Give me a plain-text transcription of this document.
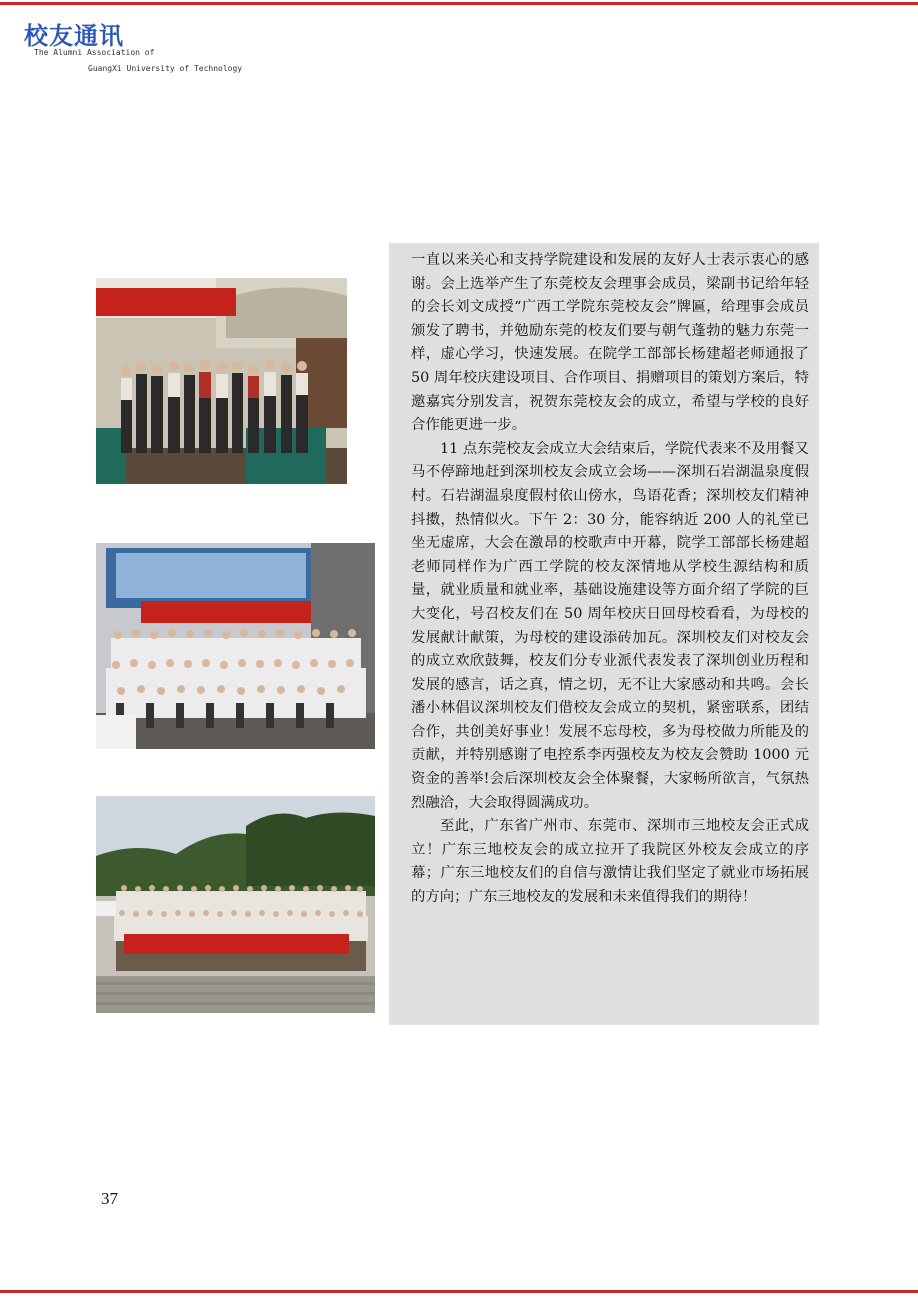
校友通讯
The Alumni Association of
GuangXi University of Technology

一直以来关心和支持学院建设和发展的友好人士表示衷心的感谢。会上选举产生了东莞校友会理事会成员，梁副书记给年轻的会长刘文成授“广西工学院东莞校友会”牌匾，给理事会成员颁发了聘书，并勉励东莞的校友们要与朝气蓬勃的魅力东莞一样，虚心学习，快速发展。在院学工部部长杨建超老师通报了 50 周年校庆建设项目、合作项目、捐赠项目的策划方案后，特邀嘉宾分别发言，祝贺东莞校友会的成立，希望与学校的良好合作能更进一步。

11 点东莞校友会成立大会结束后，学院代表来不及用餐又马不停蹄地赶到深圳校友会成立会场——深圳石岩湖温泉度假村。石岩湖温泉度假村依山傍水，鸟语花香；深圳校友们精神抖擞，热情似火。下午 2：30 分，能容纳近 200 人的礼堂已坐无虚席，大会在激昂的校歌声中开幕，院学工部部长杨建超老师同样作为广西工学院的校友深情地从学校生源结构和质量，就业质量和就业率，基础设施建设等方面介绍了学院的巨大变化，号召校友们在 50 周年校庆日回母校看看，为母校的发展献计献策，为母校的建设添砖加瓦。深圳校友们对校友会的成立欢欣鼓舞，校友们分专业派代表发表了深圳创业历程和发展的感言，话之真，情之切，无不让大家感动和共鸣。会长潘小林倡议深圳校友们借校友会成立的契机，紧密联系，团结合作，共创美好事业！发展不忘母校，多为母校做力所能及的贡献，并特别感谢了电控系李丙强校友为校友会赞助 1000 元资金的善举!会后深圳校友会全体聚餐，大家畅所欲言，气氛热烈融洽，大会取得圆满成功。

至此，广东省广州市、东莞市、深圳市三地校友会正式成立！广东三地校友会的成立拉开了我院区外校友会成立的序幕；广东三地校友们的自信与激情让我们坚定了就业市场拓展的方向；广东三地校友的发展和未来值得我们的期待！

37
